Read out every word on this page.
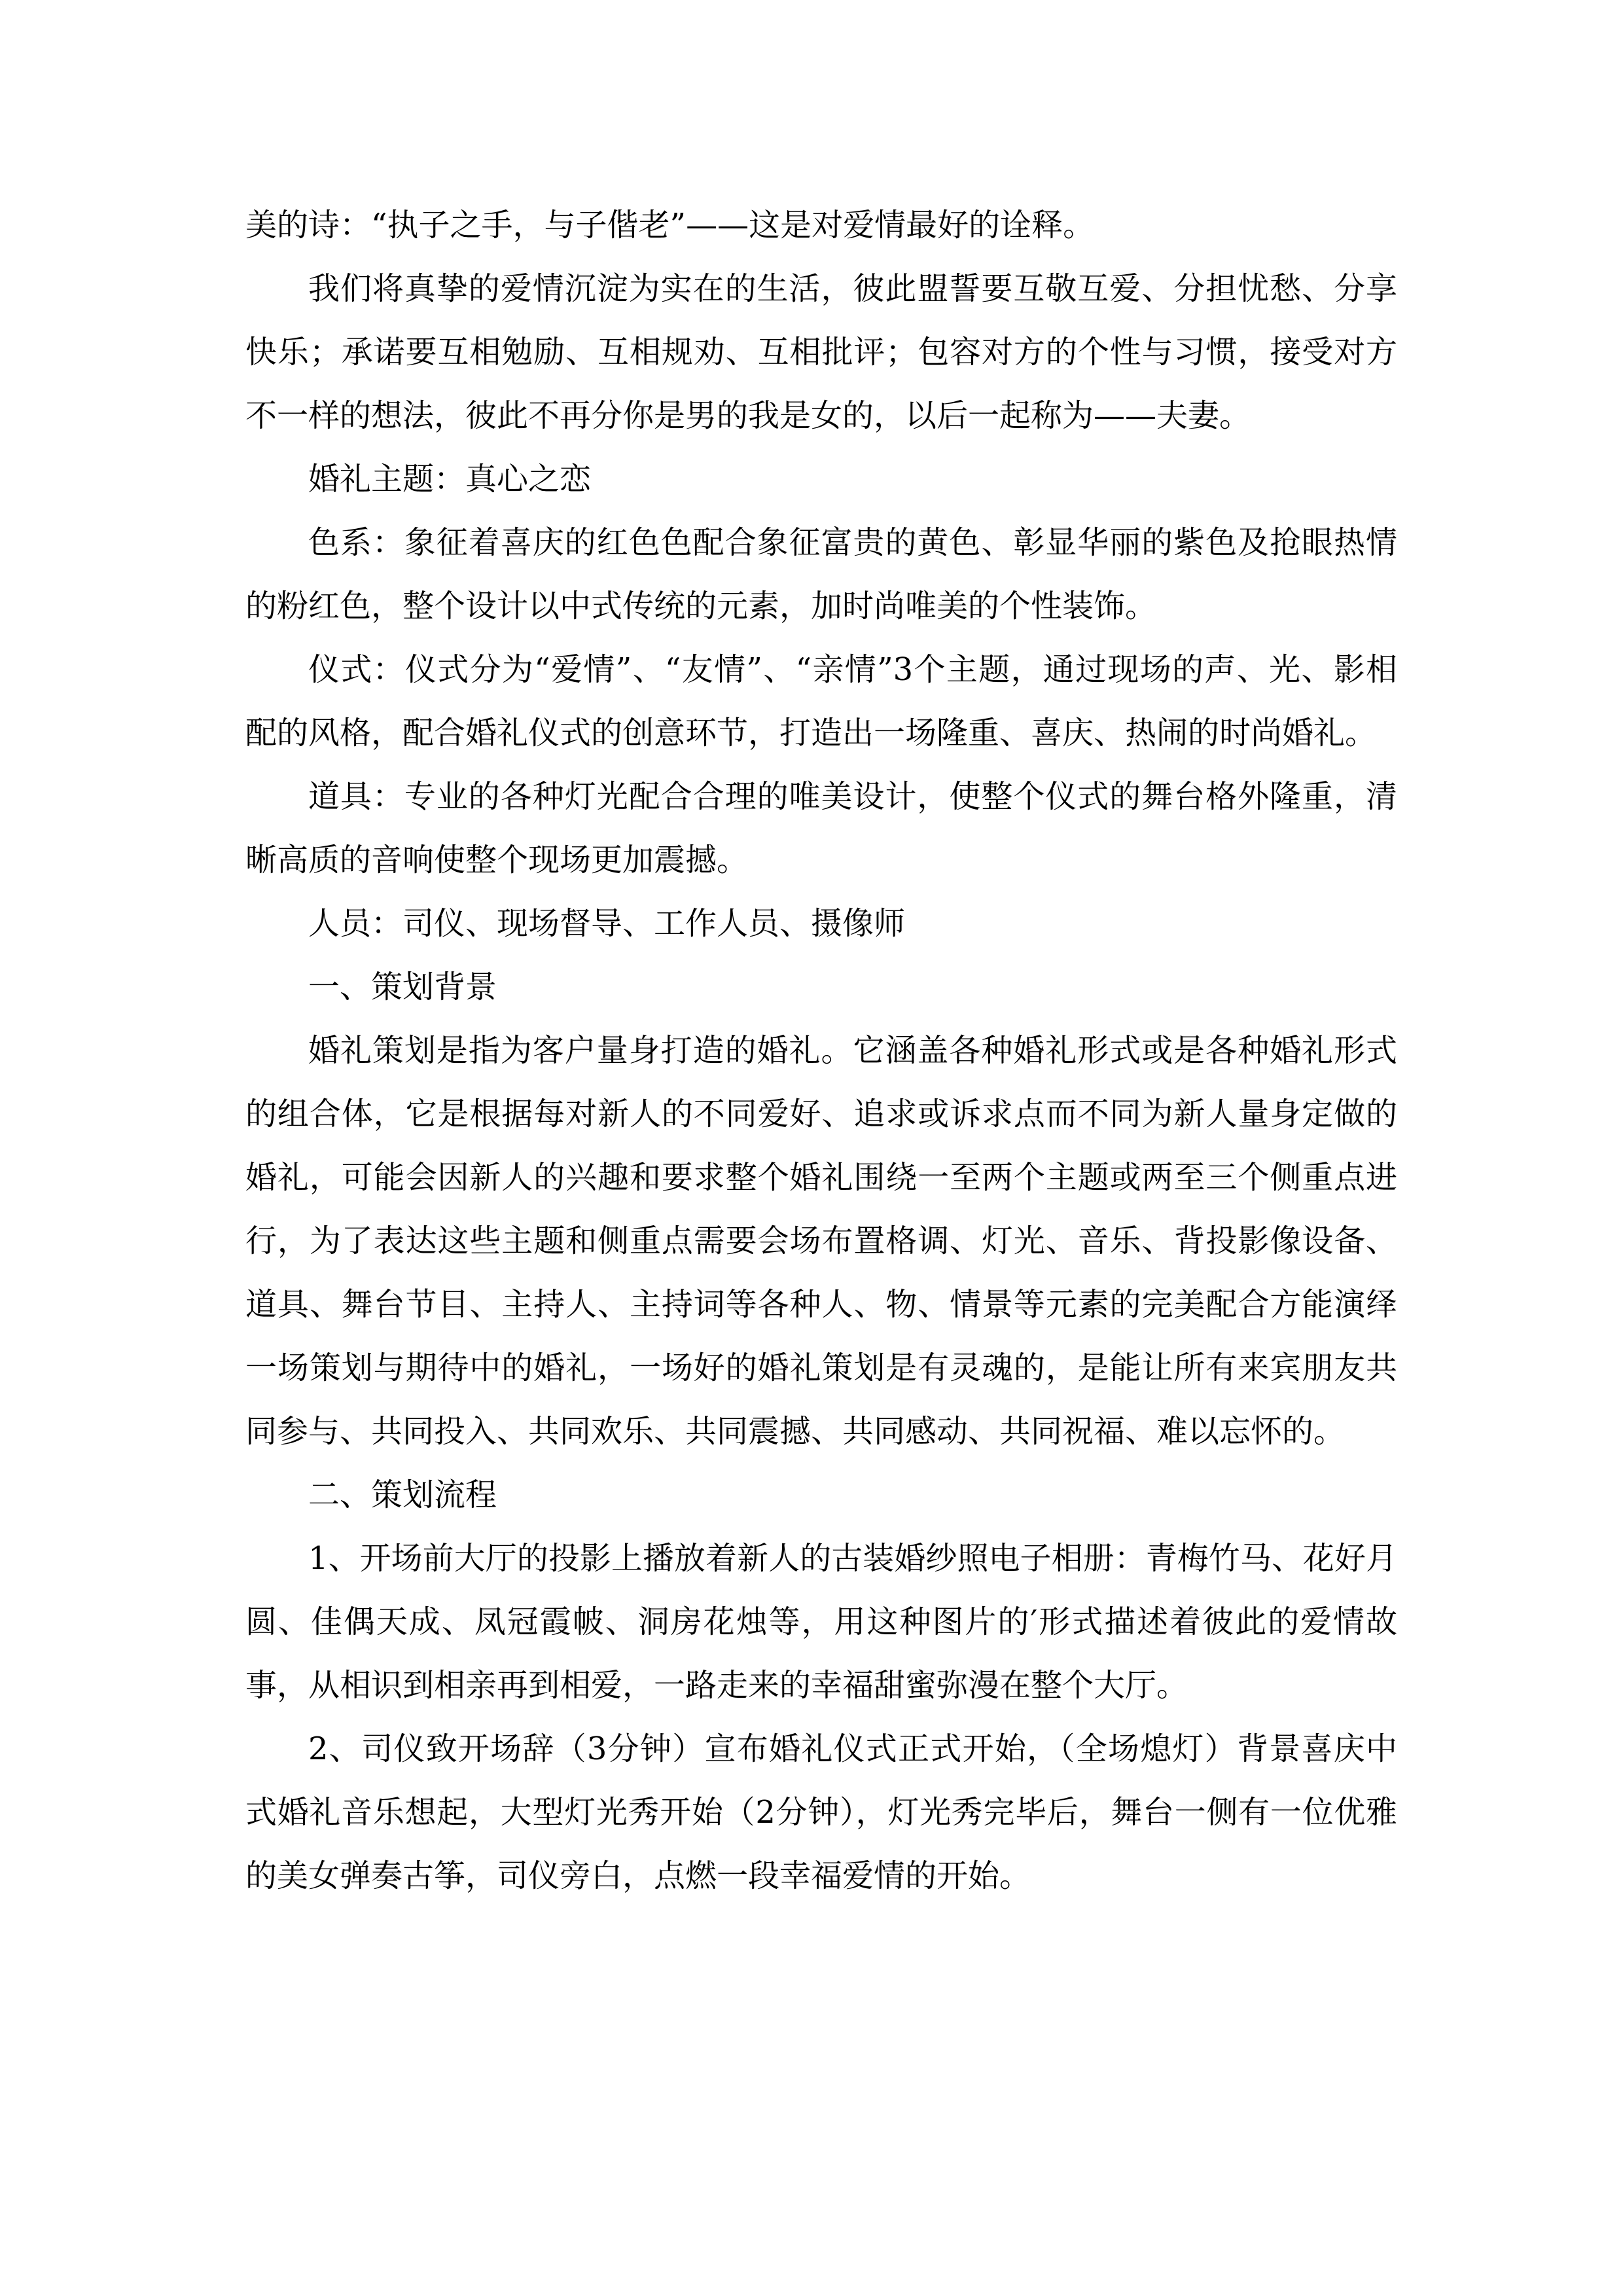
美的诗：“执子之手，与子偕老”——这是对爱情最好的诠释。

我们将真挚的爱情沉淀为实在的生活，彼此盟誓要互敬互爱、分担忧愁、分享快乐；承诺要互相勉励、互相规劝、互相批评；包容对方的个性与习惯，接受对方不一样的想法，彼此不再分你是男的我是女的，以后一起称为——夫妻。

婚礼主题：真心之恋

色系：象征着喜庆的红色色配合象征富贵的黄色、彰显华丽的紫色及抢眼热情的粉红色，整个设计以中式传统的元素，加时尚唯美的个性装饰。

仪式：仪式分为“爱情”、“友情”、“亲情”3个主题，通过现场的声、光、影相配的风格，配合婚礼仪式的创意环节，打造出一场隆重、喜庆、热闹的时尚婚礼。

道具：专业的各种灯光配合合理的唯美设计，使整个仪式的舞台格外隆重，清晰高质的音响使整个现场更加震撼。

人员：司仪、现场督导、工作人员、摄像师

一、策划背景

婚礼策划是指为客户量身打造的婚礼。它涵盖各种婚礼形式或是各种婚礼形式的组合体，它是根据每对新人的不同爱好、追求或诉求点而不同为新人量身定做的婚礼，可能会因新人的兴趣和要求整个婚礼围绕一至两个主题或两至三个侧重点进行，为了表达这些主题和侧重点需要会场布置格调、灯光、音乐、背投影像设备、道具、舞台节目、主持人、主持词等各种人、物、情景等元素的完美配合方能演绎一场策划与期待中的婚礼，一场好的婚礼策划是有灵魂的，是能让所有来宾朋友共同参与、共同投入、共同欢乐、共同震撼、共同感动、共同祝福、难以忘怀的。

二、策划流程

1、开场前大厅的投影上播放着新人的古装婚纱照电子相册：青梅竹马、花好月圆、佳偶天成、凤冠霞帔、洞房花烛等，用这种图片的′形式描述着彼此的爱情故事，从相识到相亲再到相爱，一路走来的幸福甜蜜弥漫在整个大厅。

2、司仪致开场辞（3分钟）宣布婚礼仪式正式开始，（全场熄灯）背景喜庆中式婚礼音乐想起，大型灯光秀开始（2分钟），灯光秀完毕后，舞台一侧有一位优雅的美女弹奏古筝，司仪旁白，点燃一段幸福爱情的开始。
